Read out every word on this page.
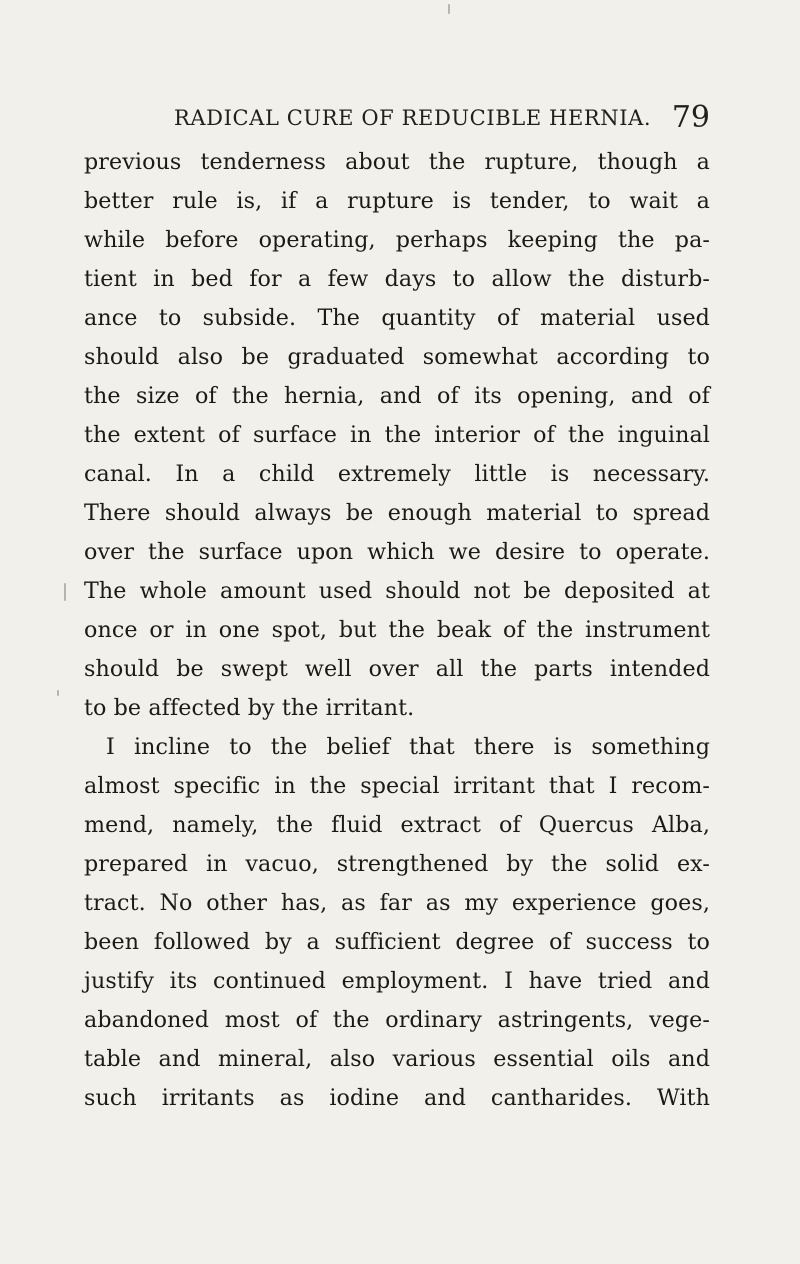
RADICAL CURE OF REDUCIBLE HERNIA. 79
previous tenderness about the rupture, though a
better rule is, if a rupture is tender, to wait a
while before operating, perhaps keeping the pa-
tient in bed for a few days to allow the disturb-
ance to subside. The quantity of material used
should also be graduated somewhat according to
the size of the hernia, and of its opening, and of
the extent of surface in the interior of the inguinal
canal. In a child extremely little is necessary.
There should always be enough material to spread
over the surface upon which we desire to operate.
The whole amount used should not be deposited at
once or in one spot, but the beak of the instrument
should be swept well over all the parts intended
to be affected by the irritant.
I incline to the belief that there is something
almost specific in the special irritant that I recom-
mend, namely, the fluid extract of Quercus Alba,
prepared in vacuo, strengthened by the solid ex-
tract. No other has, as far as my experience goes,
been followed by a sufficient degree of success to
justify its continued employment. I have tried and
abandoned most of the ordinary astringents, vege-
table and mineral, also various essential oils and
such irritants as iodine and cantharides. With
